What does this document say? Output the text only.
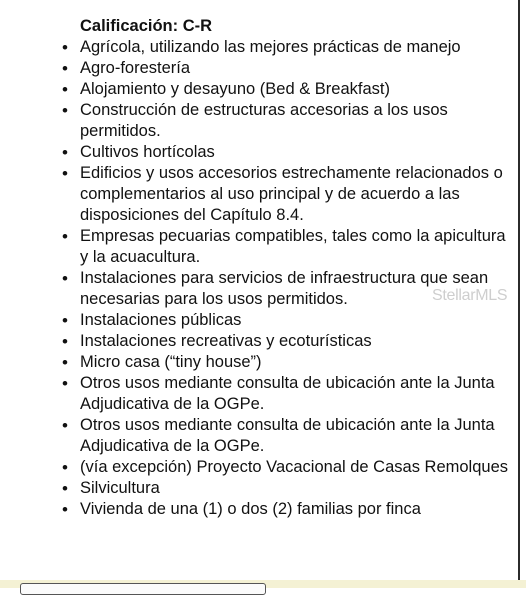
Calificación: C-R
• Agrícola, utilizando las mejores prácticas de manejo
• Agro-forestería
• Alojamiento y desayuno (Bed & Breakfast)
• Construcción de estructuras accesorias a los usos permitidos.
• Cultivos hortícolas
• Edificios y usos accesorios estrechamente relacionados o complementarios al uso principal y de acuerdo a las disposiciones del Capítulo 8.4.
• Empresas pecuarias compatibles, tales como la apicultura y la acuacultura.
• Instalaciones para servicios de infraestructura que sean necesarias para los usos permitidos.
• Instalaciones públicas
• Instalaciones recreativas y ecoturísticas
• Micro casa (“tiny house”)
• Otros usos mediante consulta de ubicación ante la Junta Adjudicativa de la OGPe.
• Otros usos mediante consulta de ubicación ante la Junta Adjudicativa de la OGPe.
• (vía excepción) Proyecto Vacacional de Casas Remolques
• Silvicultura
• Vivienda de una (1) o dos (2) familias por finca
StellarMLS
